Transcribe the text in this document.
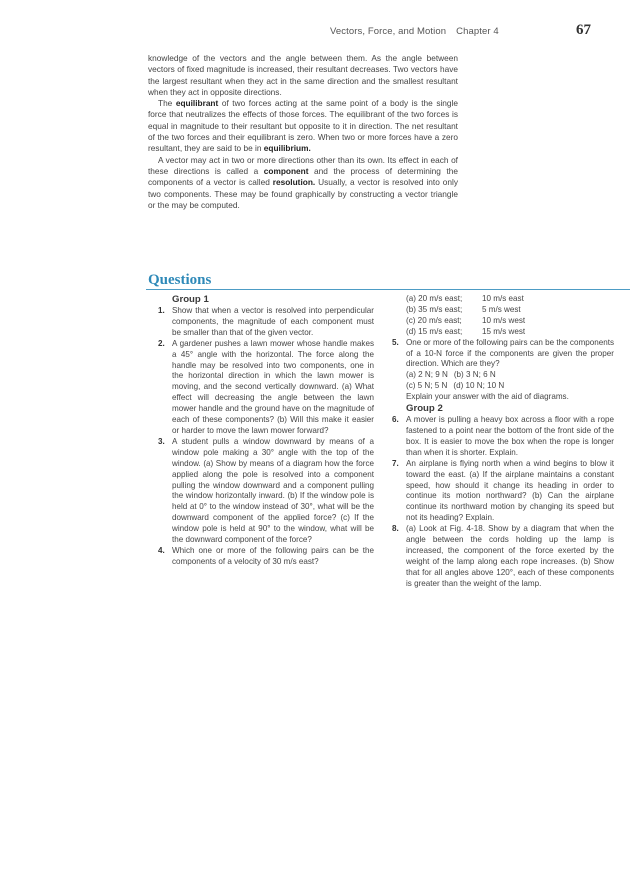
Vectors, Force, and Motion Chapter 4	67

knowledge of the vectors and the angle between them. As the angle between vectors of fixed magnitude is increased, their resultant decreases. Two vectors have the largest resultant when they act in the same direction and the smallest resultant when they act in opposite directions.

The equilibrant of two forces acting at the same point of a body is the single force that neutralizes the effects of those forces. The equilibrant of the two forces is equal in magnitude to their resultant but opposite to it in direction. The net resultant of the two forces and their equilibrant is zero. When two or more forces have a zero resultant, they are said to be in equilibrium.

A vector may act in two or more directions other than its own. Its effect in each of these directions is called a component and the process of determining the components of a vector is called resolution. Usually, a vector is resolved into only two components. These may be found graphically by constructing a vector triangle or the may be computed.

Questions
Group 1
1. Show that when a vector is resolved into perpendicular components, the magnitude of each component must be smaller than that of the given vector.
2. A gardener pushes a lawn mower whose handle makes a 45° angle with the horizontal. The force along the handle may be resolved into two components, one in the horizontal direction in which the lawn mower is moving, and the second vertically downward. (a) What effect will decreasing the angle between the lawn mower handle and the ground have on the magnitude of each of these components? (b) Will this make it easier or harder to move the lawn mower forward?
3. A student pulls a window downward by means of a window pole making a 30° angle with the top of the window. (a) Show by means of a diagram how the force applied along the pole is resolved into a component pulling the window downward and a component pulling the window horizontally inward. (b) If the window pole is held at 0° to the window instead of 30°, what will be the downward component of the applied force? (c) If the window pole is held at 90° to the window, what will be the downward component of the force?
4. Which one or more of the following pairs can be the components of a velocity of 30 m/s east?
(a) 20 m/s east; 10 m/s east
(b) 35 m/s east; 5 m/s west
(c) 20 m/s east; 10 m/s west
(d) 15 m/s east; 15 m/s west
5. One or more of the following pairs can be the components of a 10-N force if the components are given the proper direction. Which are they?
(a) 2 N; 9 N (b) 3 N; 6 N
(c) 5 N; 5 N (d) 10 N; 10 N
Explain your answer with the aid of diagrams.
Group 2
6. A mover is pulling a heavy box across a floor with a rope fastened to a point near the bottom of the front side of the box. It is easier to move the box when the rope is longer than when it is shorter. Explain.
7. An airplane is flying north when a wind begins to blow it toward the east. (a) If the airplane maintains a constant speed, how should it change its heading in order to continue its motion northward? (b) Can the airplane continue its northward motion by changing its speed but not its heading? Explain.
8. (a) Look at Fig. 4-18. Show by a diagram that when the angle between the cords holding up the lamp is increased, the component of the force exerted by the weight of the lamp along each rope increases. (b) Show that for all angles above 120°, each of these components is greater than the weight of the lamp.
